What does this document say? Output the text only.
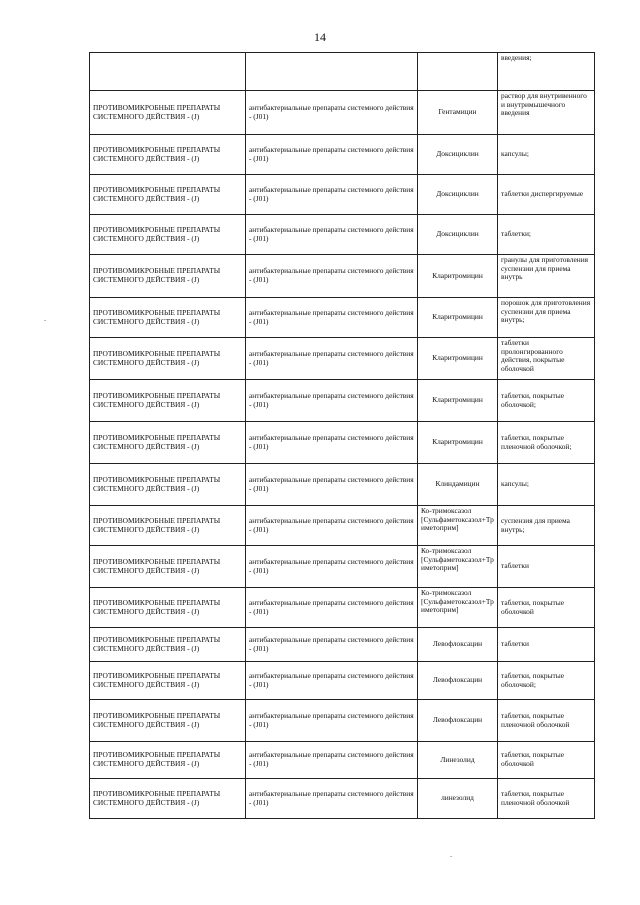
14
-
-
			введения;
ПРОТИВОМИКРОБНЫЕ ПРЕПАРАТЫ СИСТЕМНОГО ДЕЙСТВИЯ - (J)	антибактериальные препараты системного действия - (J01)	Гентамицин	раствор для внутривенного и внутримышечного введения
ПРОТИВОМИКРОБНЫЕ ПРЕПАРАТЫ СИСТЕМНОГО ДЕЙСТВИЯ - (J)	антибактериальные препараты системного действия - (J01)	Доксициклин	капсулы;
ПРОТИВОМИКРОБНЫЕ ПРЕПАРАТЫ СИСТЕМНОГО ДЕЙСТВИЯ - (J)	антибактериальные препараты системного действия - (J01)	Доксициклин	таблетки диспергируемые
ПРОТИВОМИКРОБНЫЕ ПРЕПАРАТЫ СИСТЕМНОГО ДЕЙСТВИЯ - (J)	антибактериальные препараты системного действия - (J01)	Доксициклин	таблетки;
ПРОТИВОМИКРОБНЫЕ ПРЕПАРАТЫ СИСТЕМНОГО ДЕЙСТВИЯ - (J)	антибактериальные препараты системного действия - (J01)	Кларитромицин	гранулы для приготовления суспензии для приема внутрь
ПРОТИВОМИКРОБНЫЕ ПРЕПАРАТЫ СИСТЕМНОГО ДЕЙСТВИЯ - (J)	антибактериальные препараты системного действия - (J01)	Кларитромицин	порошок для приготовления суспензии для приема внутрь;
ПРОТИВОМИКРОБНЫЕ ПРЕПАРАТЫ СИСТЕМНОГО ДЕЙСТВИЯ - (J)	антибактериальные препараты системного действия - (J01)	Кларитромицин	таблетки пролонгированного действия, покрытые оболочкой
ПРОТИВОМИКРОБНЫЕ ПРЕПАРАТЫ СИСТЕМНОГО ДЕЙСТВИЯ - (J)	антибактериальные препараты системного действия - (J01)	Кларитромицин	таблетки, покрытые оболочкой;
ПРОТИВОМИКРОБНЫЕ ПРЕПАРАТЫ СИСТЕМНОГО ДЕЙСТВИЯ - (J)	антибактериальные препараты системного действия - (J01)	Кларитромицин	таблетки, покрытые пленочной оболочкой;
ПРОТИВОМИКРОБНЫЕ ПРЕПАРАТЫ СИСТЕМНОГО ДЕЙСТВИЯ - (J)	антибактериальные препараты системного действия - (J01)	Клиндамицин	капсулы;
ПРОТИВОМИКРОБНЫЕ ПРЕПАРАТЫ СИСТЕМНОГО ДЕЙСТВИЯ - (J)	антибактериальные препараты системного действия - (J01)	Ко-тримоксазол [Сульфаметоксазол+Триметоприм]	суспензия для приема внутрь;
ПРОТИВОМИКРОБНЫЕ ПРЕПАРАТЫ СИСТЕМНОГО ДЕЙСТВИЯ - (J)	антибактериальные препараты системного действия - (J01)	Ко-тримоксазол [Сульфаметоксазол+Триметоприм]	таблетки
ПРОТИВОМИКРОБНЫЕ ПРЕПАРАТЫ СИСТЕМНОГО ДЕЙСТВИЯ - (J)	антибактериальные препараты системного действия - (J01)	Ко-тримоксазол [Сульфаметоксазол+Триметоприм]	таблетки, покрытые оболочкой
ПРОТИВОМИКРОБНЫЕ ПРЕПАРАТЫ СИСТЕМНОГО ДЕЙСТВИЯ - (J)	антибактериальные препараты системного действия - (J01)	Левофлоксацин	таблетки
ПРОТИВОМИКРОБНЫЕ ПРЕПАРАТЫ СИСТЕМНОГО ДЕЙСТВИЯ - (J)	антибактериальные препараты системного действия - (J01)	Левофлоксацин	таблетки, покрытые оболочкой;
ПРОТИВОМИКРОБНЫЕ ПРЕПАРАТЫ СИСТЕМНОГО ДЕЙСТВИЯ - (J)	антибактериальные препараты системного действия - (J01)	Левофлоксацин	таблетки, покрытые пленочной оболочкой
ПРОТИВОМИКРОБНЫЕ ПРЕПАРАТЫ СИСТЕМНОГО ДЕЙСТВИЯ - (J)	антибактериальные препараты системного действия - (J01)	Линезолид	таблетки, покрытые оболочкой
ПРОТИВОМИКРОБНЫЕ ПРЕПАРАТЫ СИСТЕМНОГО ДЕЙСТВИЯ - (J)	антибактериальные препараты системного действия - (J01)	линезолид	таблетки, покрытые пленочной оболочкой
